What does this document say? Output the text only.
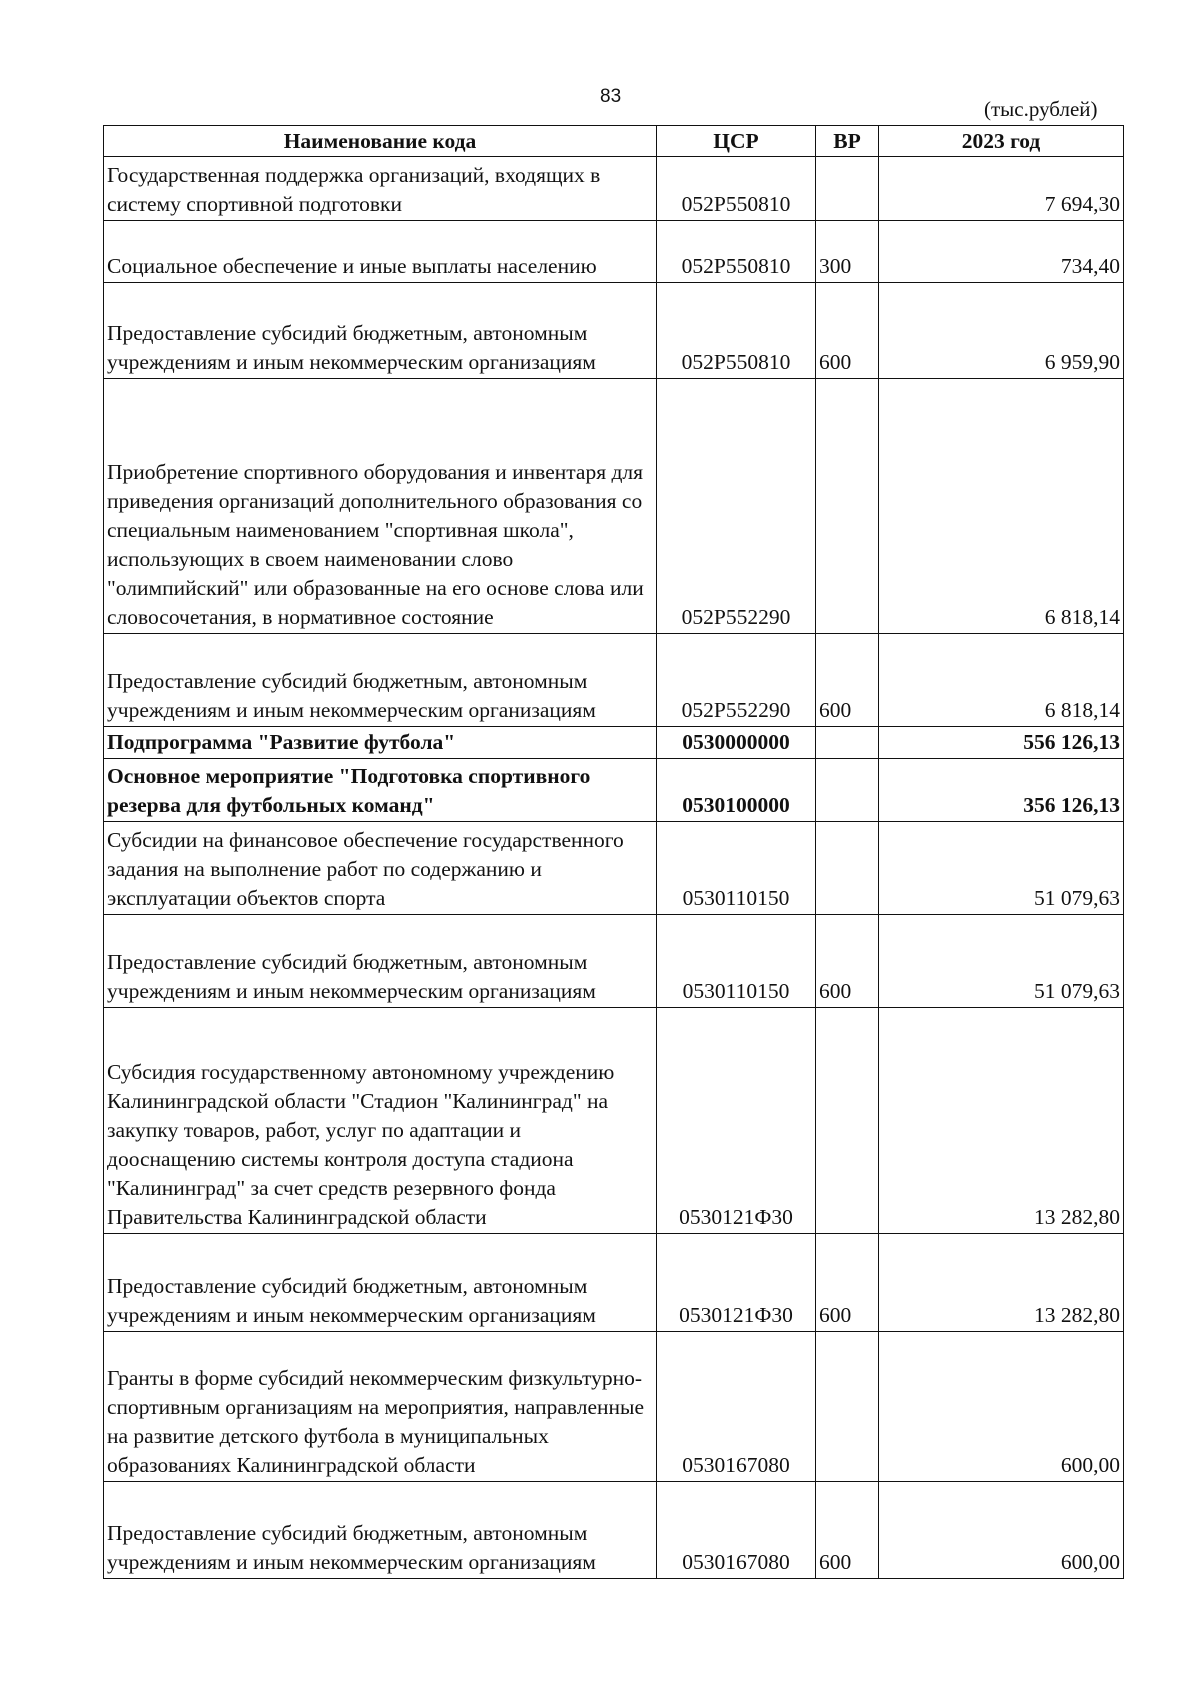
83
(тыс.рублей)
Наименование кода	ЦСР	ВР	2023 год
Государственная поддержка организаций, входящих в систему спортивной подготовки	052Р550810		7 694,30
Социальное обеспечение и иные выплаты населению	052Р550810	300	734,40
Предоставление субсидий бюджетным, автономным учреждениям и иным некоммерческим организациям	052Р550810	600	6 959,90
Приобретение спортивного оборудования и инвентаря для приведения организаций дополнительного образования со специальным наименованием "спортивная школа", использующих в своем наименовании слово "олимпийский" или образованные на его основе слова или словосочетания, в нормативное состояние	052Р552290		6 818,14
Предоставление субсидий бюджетным, автономным учреждениям и иным некоммерческим организациям	052Р552290	600	6 818,14
Подпрограмма "Развитие футбола"	0530000000		556 126,13
Основное мероприятие "Подготовка спортивного резерва для футбольных команд"	0530100000		356 126,13
Субсидии на финансовое обеспечение государственного задания на выполнение работ по содержанию и эксплуатации объектов спорта	0530110150		51 079,63
Предоставление субсидий бюджетным, автономным учреждениям и иным некоммерческим организациям	0530110150	600	51 079,63
Субсидия государственному автономному учреждению Калининградской области "Стадион "Калининград" на закупку товаров, работ, услуг по адаптации и дооснащению системы контроля доступа стадиона "Калининград" за счет средств резервного фонда Правительства Калининградской области	0530121Ф30		13 282,80
Предоставление субсидий бюджетным, автономным учреждениям и иным некоммерческим организациям	0530121Ф30	600	13 282,80
Гранты в форме субсидий некоммерческим физкультурно-спортивным организациям на мероприятия, направленные на развитие детского футбола в муниципальных образованиях Калининградской области	0530167080		600,00
Предоставление субсидий бюджетным, автономным учреждениям и иным некоммерческим организациям	0530167080	600	600,00
